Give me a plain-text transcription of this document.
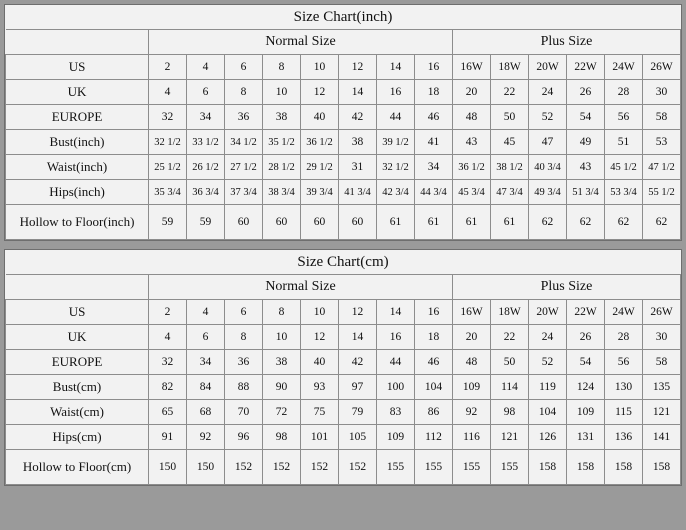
Size Chart(inch)														
	Normal Size								Plus Size					
US	2	4	6	8	10	12	14	16	16W	18W	20W	22W	24W	26W
UK	4	6	8	10	12	14	16	18	20	22	24	26	28	30
EUROPE	32	34	36	38	40	42	44	46	48	50	52	54	56	58
Bust(inch)	32 1/2	33 1/2	34 1/2	35 1/2	36 1/2	38	39 1/2	41	43	45	47	49	51	53
Waist(inch)	25 1/2	26 1/2	27 1/2	28 1/2	29 1/2	31	32 1/2	34	36 1/2	38 1/2	40 3/4	43	45 1/2	47 1/2
Hips(inch)	35 3/4	36 3/4	37 3/4	38 3/4	39 3/4	41 3/4	42 3/4	44 3/4	45 3/4	47 3/4	49 3/4	51 3/4	53 3/4	55 1/2
Hollow to Floor(inch)	59	59	60	60	60	60	61	61	61	61	62	62	62	62
Size Chart(cm)														
	Normal Size								Plus Size					
US	2	4	6	8	10	12	14	16	16W	18W	20W	22W	24W	26W
UK	4	6	8	10	12	14	16	18	20	22	24	26	28	30
EUROPE	32	34	36	38	40	42	44	46	48	50	52	54	56	58
Bust(cm)	82	84	88	90	93	97	100	104	109	114	119	124	130	135
Waist(cm)	65	68	70	72	75	79	83	86	92	98	104	109	115	121
Hips(cm)	91	92	96	98	101	105	109	112	116	121	126	131	136	141
Hollow to Floor(cm)	150	150	152	152	152	152	155	155	155	155	158	158	158	158
